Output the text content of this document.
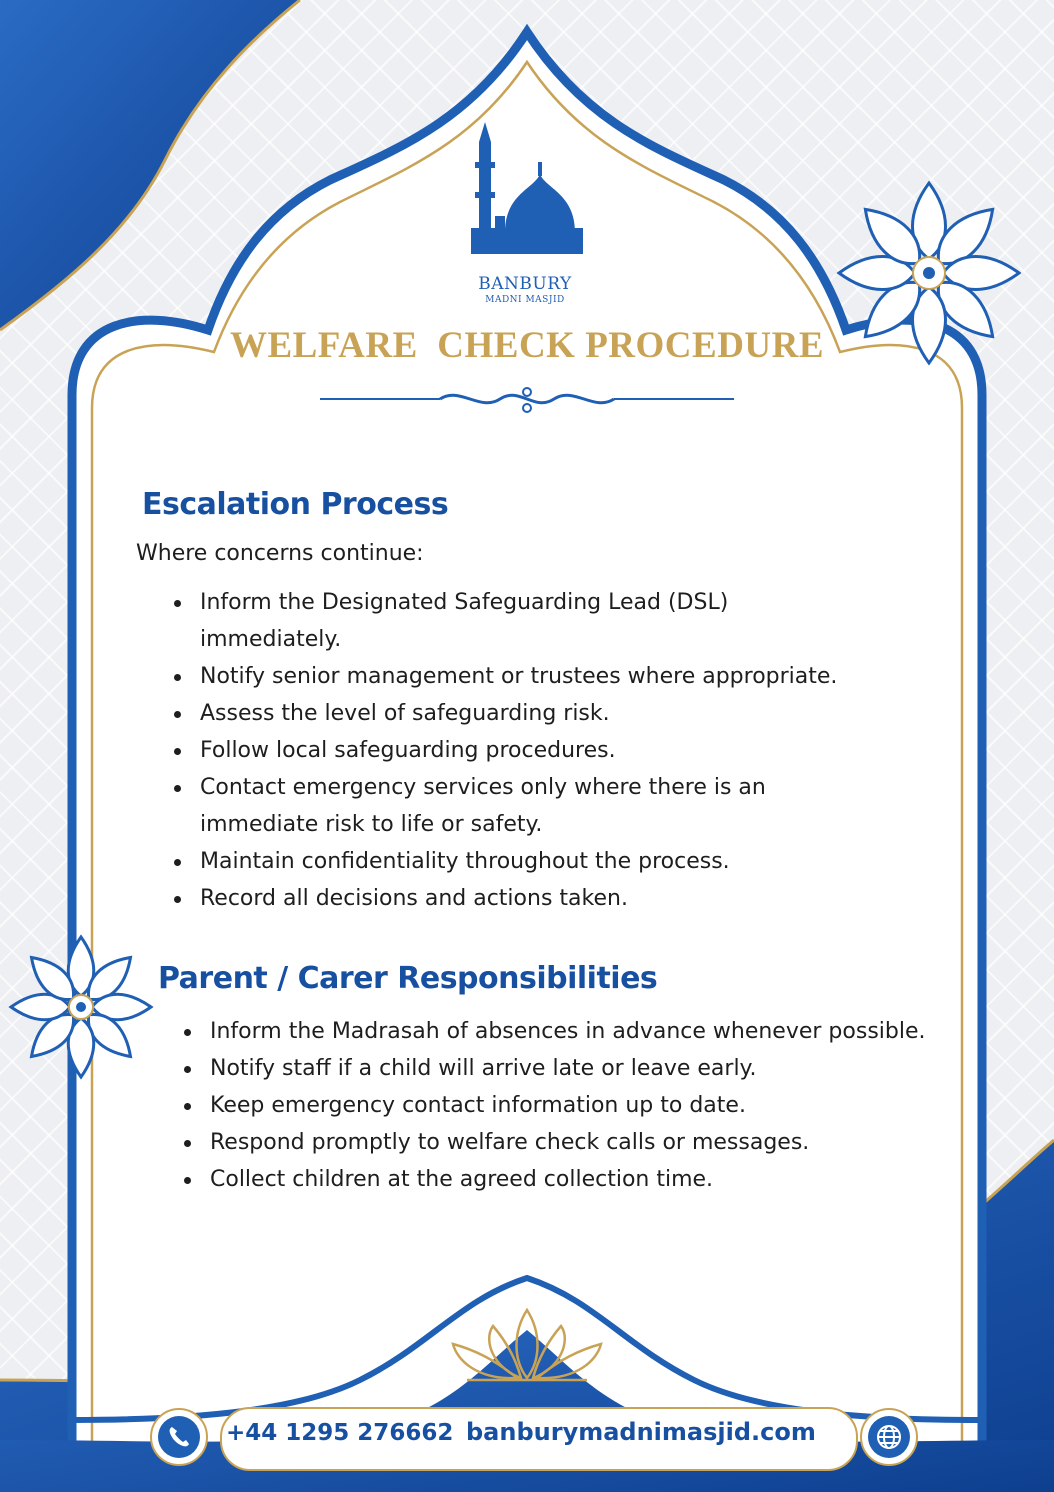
BANBURY
MADNI MASJID
WELFARE  CHECK PROCEDURE
Escalation Process
Where concerns continue:
Inform the Designated Safeguarding Lead (DSL) immediately.
Notify senior management or trustees where appropriate.
Assess the level of safeguarding risk.
Follow local safeguarding procedures.
Contact emergency services only where there is an immediate risk to life or safety.
Maintain confidentiality throughout the process.
Record all decisions and actions taken.
Parent / Carer Responsibilities
Inform the Madrasah of absences in advance whenever possible.
Notify staff if a child will arrive late or leave early.
Keep emergency contact information up to date.
Respond promptly to welfare check calls or messages.
Collect children at the agreed collection time.
+44 1295 276662 banburymadnimasjid.com
